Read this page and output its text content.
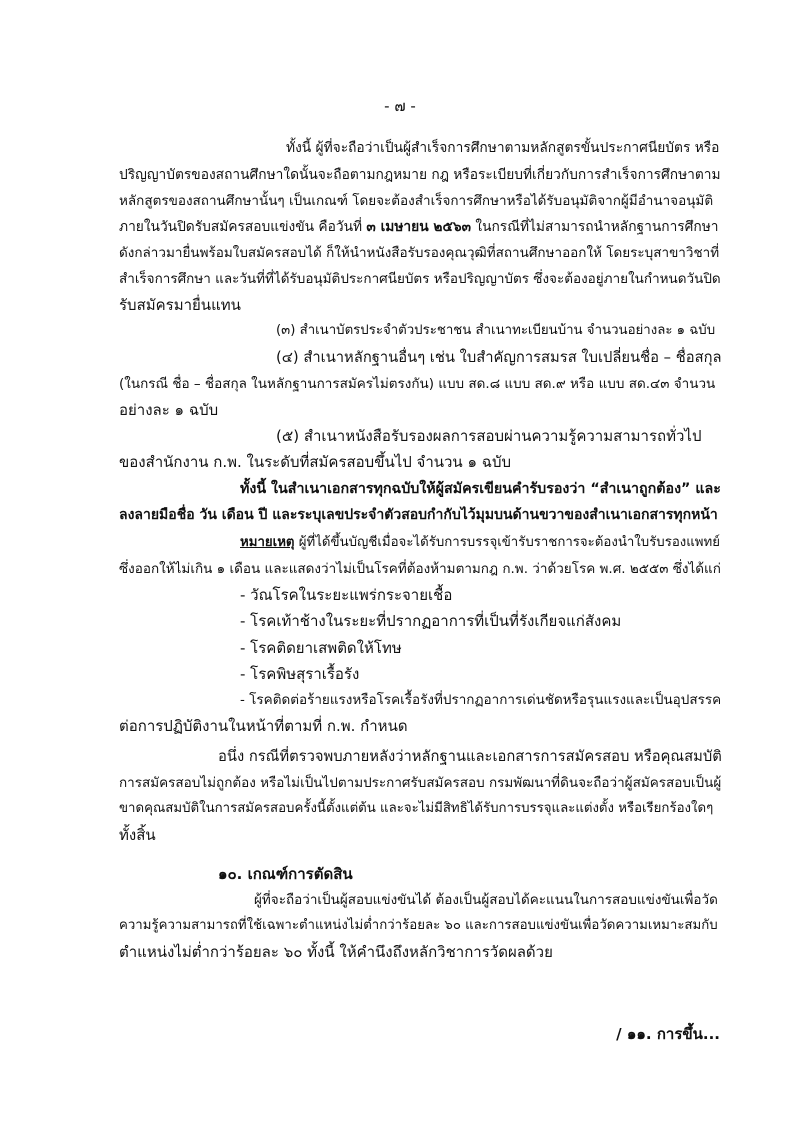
- ๗ -

ทั้งนี้ ผู้ที่จะถือว่าเป็นผู้สำเร็จการศึกษาตามหลักสูตรขั้นประกาศนียบัตร หรือ

ปริญญาบัตรของสถานศึกษาใดนั้นจะถือตามกฎหมาย กฎ หรือระเบียบที่เกี่ยวกับการสำเร็จการศึกษาตาม

หลักสูตรของสถานศึกษานั้นๆ เป็นเกณฑ์ โดยจะต้องสำเร็จการศึกษาหรือได้รับอนุมัติจากผู้มีอำนาจอนุมัติ

ภายในวันปิดรับสมัครสอบแข่งขัน คือวันที่ ๓ เมษายน ๒๕๖๓ ในกรณีที่ไม่สามารถนำหลักฐานการศึกษา

ดังกล่าวมายื่นพร้อมใบสมัครสอบได้ ก็ให้นำหนังสือรับรองคุณวุฒิที่สถานศึกษาออกให้ โดยระบุสาขาวิชาที่

สำเร็จการศึกษา และวันที่ที่ได้รับอนุมัติประกาศนียบัตร หรือปริญญาบัตร ซึ่งจะต้องอยู่ภายในกำหนดวันปิด

รับสมัครมายื่นแทน

(๓) สำเนาบัตรประจำตัวประชาชน สำเนาทะเบียนบ้าน จำนวนอย่างละ ๑ ฉบับ

(๔) สำเนาหลักฐานอื่นๆ เช่น ใบสำคัญการสมรส ใบเปลี่ยนชื่อ – ชื่อสกุล

(ในกรณี ชื่อ – ชื่อสกุล ในหลักฐานการสมัครไม่ตรงกัน) แบบ สด.๘ แบบ สด.๙ หรือ แบบ สด.๔๓ จำนวน

อย่างละ ๑ ฉบับ

(๕) สำเนาหนังสือรับรองผลการสอบผ่านความรู้ความสามารถทั่วไป

ของสำนักงาน ก.พ. ในระดับที่สมัครสอบขึ้นไป จำนวน ๑ ฉบับ

ทั้งนี้ ในสำเนาเอกสารทุกฉบับให้ผู้สมัครเขียนคำรับรองว่า “สำเนาถูกต้อง” และ

ลงลายมือชื่อ วัน เดือน ปี และระบุเลขประจำตัวสอบกำกับไว้มุมบนด้านขวาของสำเนาเอกสารทุกหน้า

หมายเหตุ ผู้ที่ได้ขึ้นบัญชีเมื่อจะได้รับการบรรจุเข้ารับราชการจะต้องนำใบรับรองแพทย์

ซึ่งออกให้ไม่เกิน ๑ เดือน และแสดงว่าไม่เป็นโรคที่ต้องห้ามตามกฎ ก.พ. ว่าด้วยโรค พ.ศ. ๒๕๕๓ ซึ่งได้แก่

- วัณโรคในระยะแพร่กระจายเชื้อ

- โรคเท้าช้างในระยะที่ปรากฏอาการที่เป็นที่รังเกียจแก่สังคม

- โรคติดยาเสพติดให้โทษ

- โรคพิษสุราเรื้อรัง

- โรคติดต่อร้ายแรงหรือโรคเรื้อรังที่ปรากฏอาการเด่นชัดหรือรุนแรงและเป็นอุปสรรค

ต่อการปฏิบัติงานในหน้าที่ตามที่ ก.พ. กำหนด

อนึ่ง กรณีที่ตรวจพบภายหลังว่าหลักฐานและเอกสารการสมัครสอบ หรือคุณสมบัติ

การสมัครสอบไม่ถูกต้อง หรือไม่เป็นไปตามประกาศรับสมัครสอบ กรมพัฒนาที่ดินจะถือว่าผู้สมัครสอบเป็นผู้

ขาดคุณสมบัติในการสมัครสอบครั้งนี้ตั้งแต่ต้น และจะไม่มีสิทธิได้รับการบรรจุและแต่งตั้ง หรือเรียกร้องใดๆ

ทั้งสิ้น

๑๐. เกณฑ์การตัดสิน

ผู้ที่จะถือว่าเป็นผู้สอบแข่งขันได้ ต้องเป็นผู้สอบได้คะแนนในการสอบแข่งขันเพื่อวัด

ความรู้ความสามารถที่ใช้เฉพาะตำแหน่งไม่ต่ำกว่าร้อยละ ๖๐ และการสอบแข่งขันเพื่อวัดความเหมาะสมกับ

ตำแหน่งไม่ต่ำกว่าร้อยละ ๖๐ ทั้งนี้ ให้คำนึงถึงหลักวิชาการวัดผลด้วย

/ ๑๑. การขึ้น...
